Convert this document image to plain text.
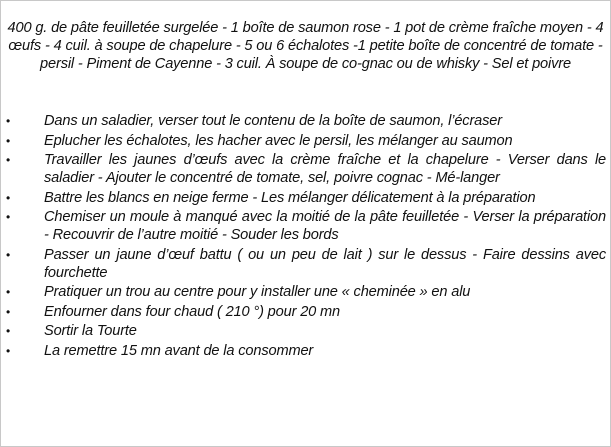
400 g. de pâte feuilletée surgelée - 1 boîte de saumon rose - 1 pot de crème fraîche moyen - 4 œufs - 4 cuil. à soupe de chapelure - 5 ou 6 échalotes -1 petite boîte de concentré de tomate - persil - Piment de Cayenne - 3 cuil. À soupe de co-gnac ou de whisky - Sel et poivre

• Dans un saladier, verser tout le contenu de la boîte de saumon, l’écraser
• Eplucher les échalotes, les hacher avec le persil, les mélanger au saumon
• Travailler les jaunes d’œufs avec la crème fraîche et la chapelure - Verser dans le saladier - Ajouter le concentré de tomate, sel, poivre cognac - Mé-langer
• Battre les blancs en neige ferme - Les mélanger délicatement à la préparation
• Chemiser un moule à manqué avec la moitié de la pâte feuilletée - Verser la préparation - Recouvrir de l’autre moitié - Souder les bords
• Passer un jaune d’œuf battu ( ou un peu de lait ) sur le dessus - Faire dessins avec fourchette
• Pratiquer un trou au centre pour y installer une « cheminée » en alu
• Enfourner dans four chaud ( 210 °) pour 20 mn
• Sortir la Tourte
• La remettre 15 mn avant de la consommer
